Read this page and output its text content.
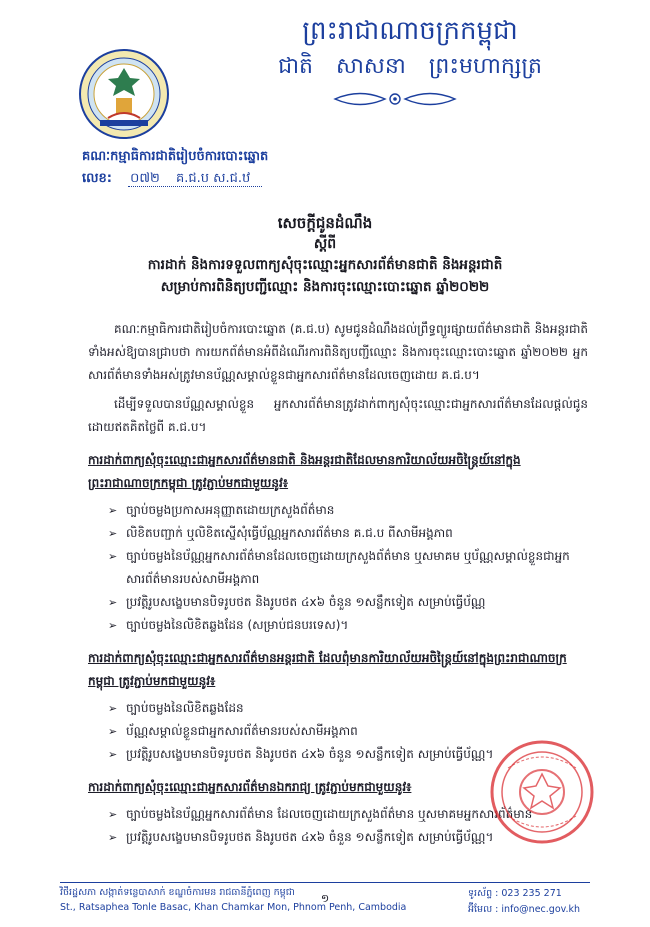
ព្រះរាជាណាចក្រកម្ពុជា
ជាតិ សាសនា ព្រះមហាក្សត្រ
គណៈកម្មាធិការជាតិរៀបចំការបោះឆ្នោត
លេខ: ០៧២ គ.ជ.ប ស.ជ.ឋ
សេចក្តីជូនដំណឹង
ស្តីពី
ការដាក់ និងការទទួលពាក្យសុំចុះឈ្មោះអ្នកសារព័ត៌មានជាតិ និងអន្តរជាតិ
សម្រាប់ការពិនិត្យបញ្ជីឈ្មោះ និងការចុះឈ្មោះបោះឆ្នោត ឆ្នាំ២០២២

គណៈកម្មាធិការជាតិរៀបចំការបោះឆ្នោត (គ.ជ.ប) សូមជូនដំណឹងដល់ព្រឹទ្ធព្យួរផ្សាយព័ត៌មានជាតិ និងអន្តរជាតិ ទាំងអស់ឱ្យបានជ្រាបថា ការយកព័ត៌មានអំពីដំណើរការពិនិត្យបញ្ជីឈ្មោះ និងការចុះឈ្មោះបោះឆ្នោត ឆ្នាំ២០២២ អ្នកសារព័ត៌មានទាំងអស់ត្រូវមានប័ណ្ណសម្គាល់ខ្លួនជាអ្នកសារព័ត៌មានដែលចេញដោយ គ.ជ.ប។

ដើម្បីទទួលបានប័ណ្ណសម្គាល់ខ្លួន អ្នកសារព័ត៌មានត្រូវដាក់ពាក្យសុំចុះឈ្មោះជាអ្នកសារព័ត៌មានដែលផ្តល់ជូនដោយឥតគិតថ្លៃពី គ.ជ.ប។

ការដាក់ពាក្យសុំចុះឈ្មោះជាអ្នកសារព័ត៌មានជាតិ និងអន្តរជាតិដែលមានការិយាល័យអចិន្ត្រៃយ៍នៅក្នុងព្រះរាជាណាចក្រកម្ពុជា ត្រូវភ្ជាប់មកជាមួយនូវ៖
➢ ច្បាប់ចម្លងប្រកាសអនុញ្ញាតដោយក្រសួងព័ត៌មាន
➢ លិខិតបញ្ជាក់ ឬលិខិតស្នើសុំធ្វើប័ណ្ណអ្នកសារព័ត៌មាន គ.ជ.ប ពីសាមីអង្គភាព
➢ ច្បាប់ចម្លងនៃប័ណ្ណអ្នកសារព័ត៌មានដែលចេញដោយក្រសួងព័ត៌មាន ឬសមាគម ឬប័ណ្ណសម្គាល់ខ្លួនជាអ្នកសារព័ត៌មានរបស់សាមីអង្គភាព
➢ ប្រវត្តិរូបសង្ខេបមានបិទរូបថត និងរូបថត ៤x៦ ចំនួន ១សន្លឹកទៀត សម្រាប់ធ្វើប័ណ្ណ
➢ ច្បាប់ចម្លងនៃលិខិតឆ្លងដែន (សម្រាប់ជនបរទេស)។
ការដាក់ពាក្យសុំចុះឈ្មោះជាអ្នកសារព័ត៌មានអន្តរជាតិ ដែលពុំមានការិយាល័យអចិន្ត្រៃយ៍នៅក្នុងព្រះរាជាណាចក្រកម្ពុជា ត្រូវភ្ជាប់មកជាមួយនូវ៖
➢ ច្បាប់ចម្លងនៃលិខិតឆ្លងដែន
➢ ប័ណ្ណសម្គាល់ខ្លួនជាអ្នកសារព័ត៌មានរបស់សាមីអង្គភាព
➢ ប្រវត្តិរូបសង្ខេបមានបិទរូបថត និងរូបថត ៤x៦ ចំនួន ១សន្លឹកទៀត សម្រាប់ធ្វើប័ណ្ណ។
ការដាក់ពាក្យសុំចុះឈ្មោះជាអ្នកសារព័ត៌មានឯករាជ្យ ត្រូវភ្ជាប់មកជាមួយនូវ៖
➢ ច្បាប់ចម្លងនៃប័ណ្ណអ្នកសារព័ត៌មាន ដែលចេញដោយក្រសួងព័ត៌មាន ឬសមាគមអ្នកសារព័ត៌មាន
➢ ប្រវត្តិរូបសង្ខេបមានបិទរូបថត និងរូបថត ៤x៦ ចំនួន ១សន្លឹកទៀត សម្រាប់ធ្វើប័ណ្ណ។
វិថីរដ្ឋសភា សង្កាត់ទន្លេបាសាក់ ខណ្ឌចំការមន រាជធានីភ្នំពេញ កម្ពុជា
St., Ratsaphea Tonle Basac, Khan Chamkar Mon, Phnom Penh, Cambodia
១	ទូរស័ព្ទ : 023 235 271
អ៊ីមែល : info@nec.gov.kh
